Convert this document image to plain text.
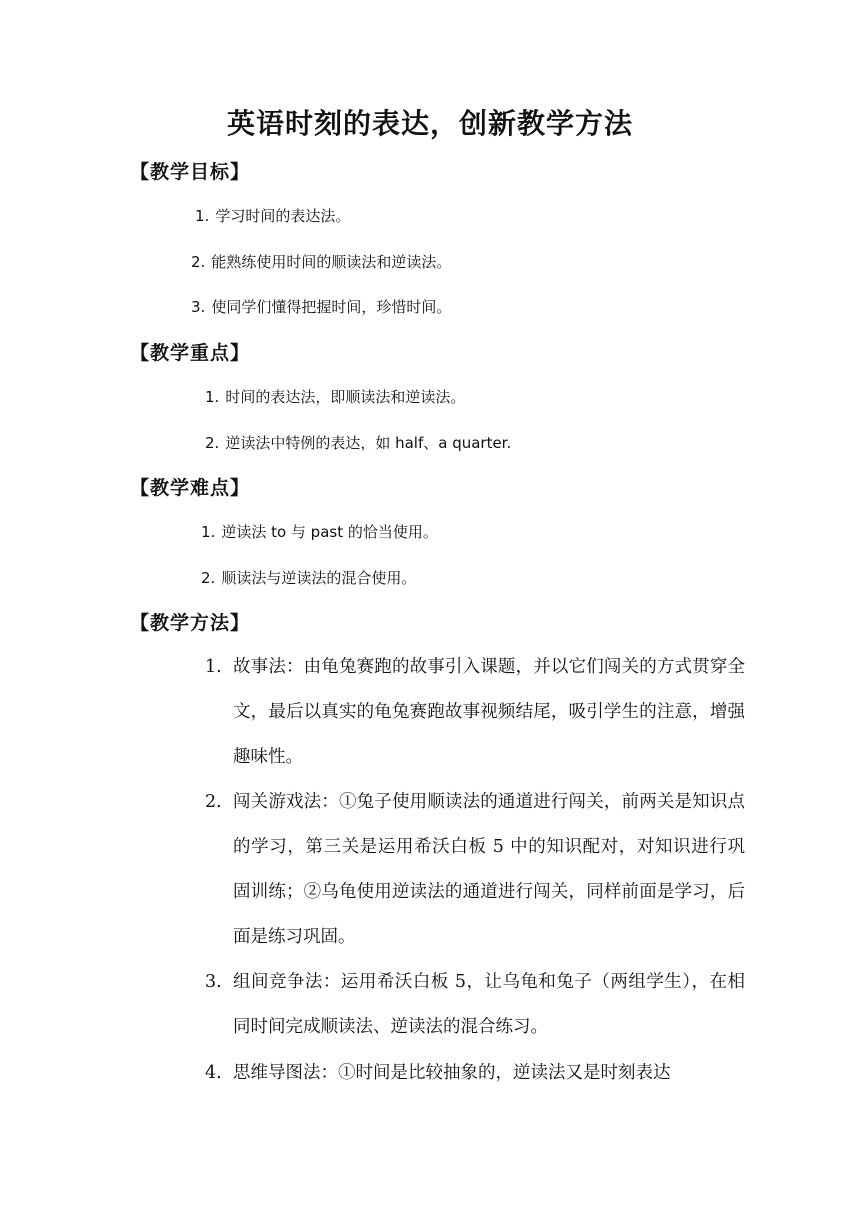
英语时刻的表达，创新教学方法

【教学目标】

1. 学习时间的表达法。

2. 能熟练使用时间的顺读法和逆读法。

3. 使同学们懂得把握时间，珍惜时间。

【教学重点】

1. 时间的表达法，即顺读法和逆读法。

2. 逆读法中特例的表达，如 half、a quarter.

【教学难点】

1. 逆读法 to 与 past 的恰当使用。

2. 顺读法与逆读法的混合使用。

【教学方法】

1. 故事法：由龟兔赛跑的故事引入课题，并以它们闯关的方式贯穿全文，最后以真实的龟兔赛跑故事视频结尾，吸引学生的注意，增强趣味性。
2. 闯关游戏法：①兔子使用顺读法的通道进行闯关，前两关是知识点的学习，第三关是运用希沃白板 5 中的知识配对，对知识进行巩固训练；②乌龟使用逆读法的通道进行闯关，同样前面是学习，后面是练习巩固。
3. 组间竞争法：运用希沃白板 5，让乌龟和兔子（两组学生），在相同时间完成顺读法、逆读法的混合练习。
4. 思维导图法：①时间是比较抽象的，逆读法又是时刻表达
